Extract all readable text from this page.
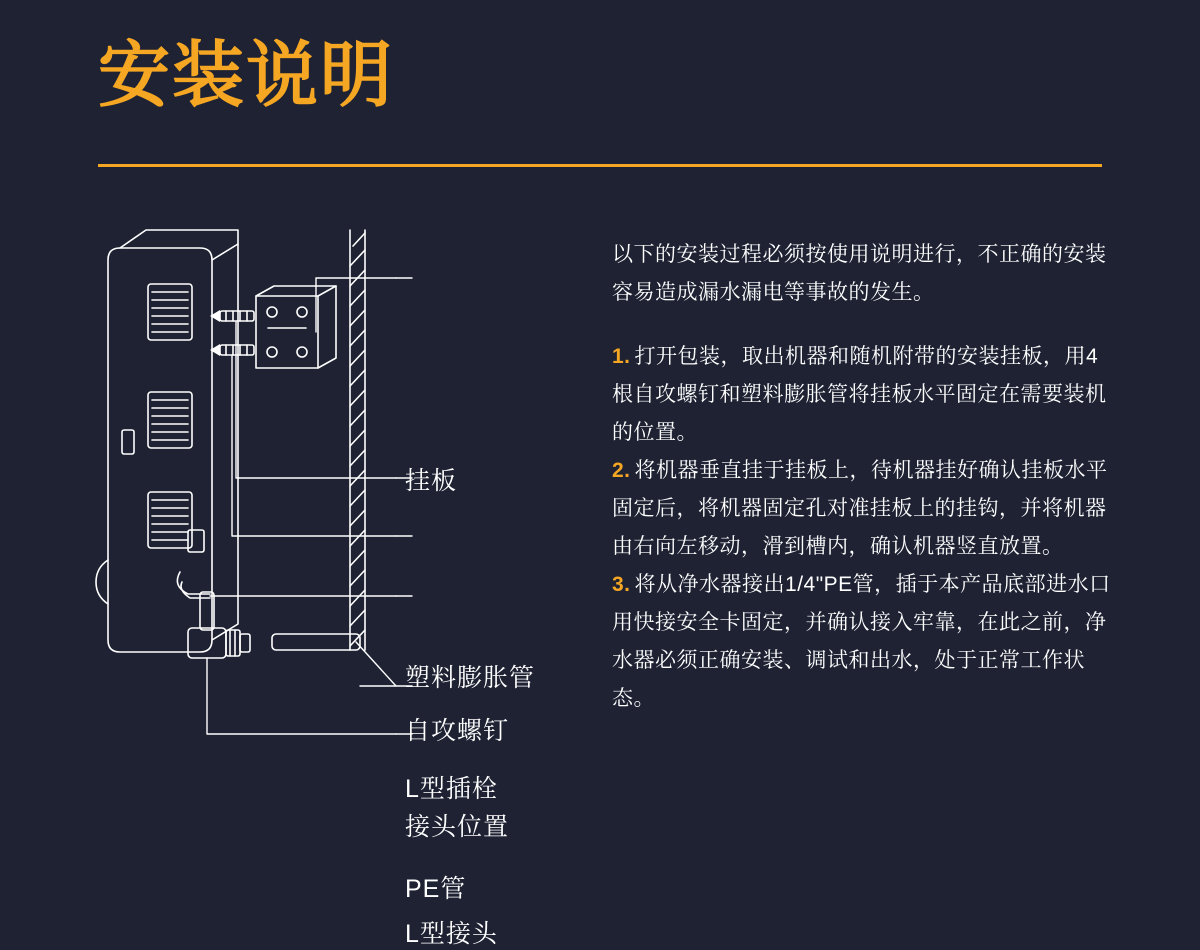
安装说明
挂板
塑料膨胀管
自攻螺钉
L型插栓
接头位置
PE管
L型接头

以下的安装过程必须按使用说明进行，不正确的安装容易造成漏水漏电等事故的发生。

1. 打开包装，取出机器和随机附带的安装挂板，用4根自攻螺钉和塑料膨胀管将挂板水平固定在需要装机的位置。

2. 将机器垂直挂于挂板上，待机器挂好确认挂板水平固定后，将机器固定孔对准挂板上的挂钩，并将机器由右向左移动，滑到槽内，确认机器竖直放置。

3. 将从净水器接出1/4"PE管，插于本产品底部进水口用快接安全卡固定，并确认接入牢靠，在此之前，净水器必须正确安装、调试和出水，处于正常工作状态。
